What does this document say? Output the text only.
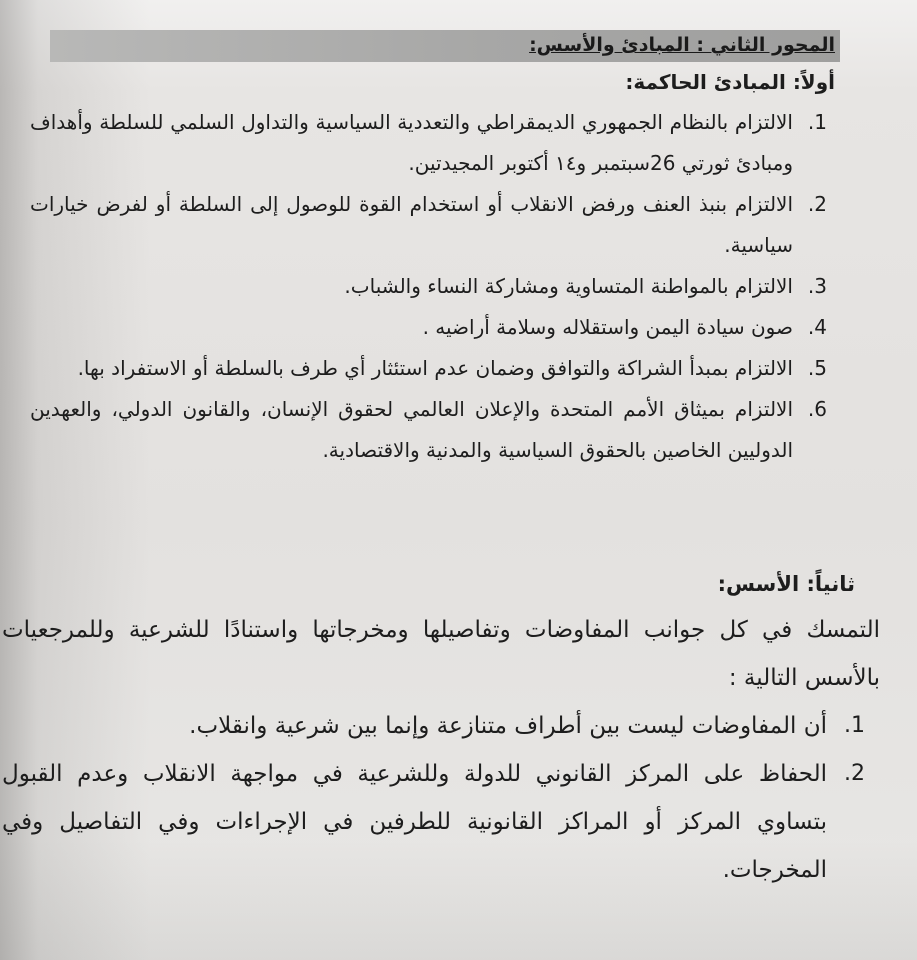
المحور الثاني : المبادئ والأسس:
أولاً: المبادئ الحاكمة:
1.
الالتزام بالنظام الجمهوري الديمقراطي والتعددية السياسية والتداول السلمي للسلطة وأهداف ومبادئ ثورتي 26سبتمبر و١٤ أكتوبر المجيدتين.
2.
الالتزام بنبذ العنف ورفض الانقلاب أو استخدام القوة للوصول إلى السلطة أو لفرض خيارات سياسية.
3.
الالتزام بالمواطنة المتساوية ومشاركة النساء والشباب.
4.
صون سيادة اليمن واستقلاله وسلامة أراضيه .
5.
الالتزام بمبدأ الشراكة والتوافق وضمان عدم استئثار أي طرف بالسلطة أو الاستفراد بها.
6.
الالتزام بميثاق الأمم المتحدة والإعلان العالمي لحقوق الإنسان، والقانون الدولي، والعهدين الدوليين الخاصين بالحقوق السياسية والمدنية والاقتصادية.
ثانياً: الأسس:
التمسك في كل جوانب المفاوضات وتفاصيلها ومخرجاتها واستنادًا للشرعية وللمرجعيات بالأسس التالية :
1.
أن المفاوضات ليست بين أطراف متنازعة وإنما بين شرعية وانقلاب.
2.
الحفاظ على المركز القانوني للدولة وللشرعية في مواجهة الانقلاب وعدم القبول بتساوي المركز أو المراكز القانونية للطرفين في الإجراءات وفي التفاصيل وفي المخرجات.
